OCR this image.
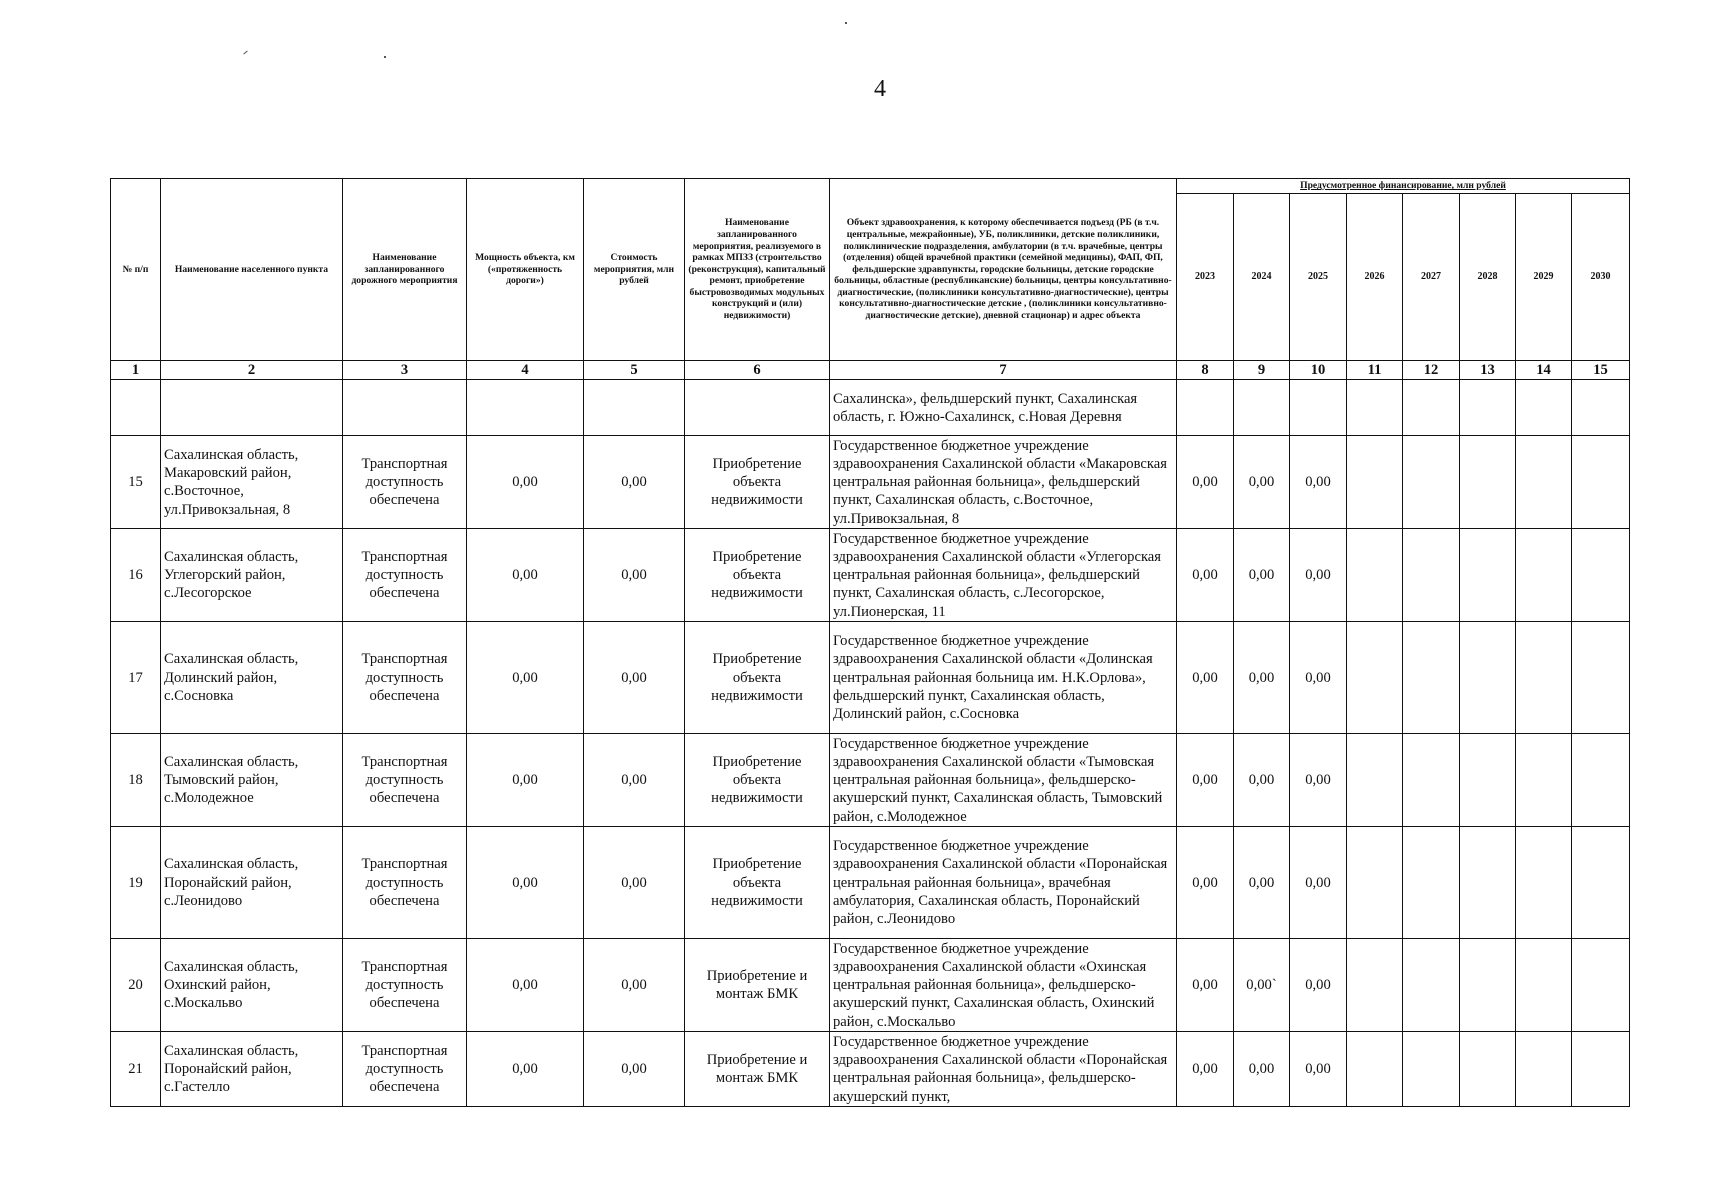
4
№ п/п	Наименование населенного пункта	Наименование запланированного дорожного мероприятия	Мощность объекта, км («протяженность дороги»)	Стоимость мероприятия, млн рублей	Наименование запланированного мероприятия, реализуемого в рамках МПЗЗ (строительство (реконструкция), капитальный ремонт, приобретение быстровозводимых модульных конструкций и (или) недвижимости)	Объект здравоохранения, к которому обеспечивается подъезд (РБ (в т.ч. центральные, межрайонные), УБ, поликлиники, детские поликлиники, поликлинические подразделения, амбулатории (в т.ч. врачебные, центры (отделения) общей врачебной практики (семейной медицины), ФАП, ФП, фельдшерские здравпункты, городские больницы, детские городские больницы, областные (республиканские) больницы, центры консультативно-диагностические, (поликлиники консультативно-диагностические), центры консультативно-диагностические детские , (поликлиники консультативно-диагностические детские), дневной стационар) и адрес объекта	Предусмотренное финансирование, млн рублей							
							2023	2024	2025	2026	2027	2028	2029	2030
1	2	3	4	5	6	7	8	9	10	11	12	13	14	15
						Сахалинска», фельдшерский пункт, Сахалинская область, г. Южно-Сахалинск, с.Новая Деревня								
15	Сахалинская область, Макаровский район, с.Восточное, ул.Привокзальная, 8	Транспортная доступность обеспечена	0,00	0,00	Приобретение объекта недвижимости	Государственное бюджетное учреждение здравоохранения Сахалинской области «Макаровская центральная районная больница», фельдшерский пункт, Сахалинская область, с.Восточное, ул.Привокзальная, 8	0,00	0,00	0,00					
16	Сахалинская область, Углегорский район, с.Лесогорское	Транспортная доступность обеспечена	0,00	0,00	Приобретение объекта недвижимости	Государственное бюджетное учреждение здравоохранения Сахалинской области «Углегорская центральная районная больница», фельдшерский пункт, Сахалинская область, с.Лесогорское, ул.Пионерская, 11	0,00	0,00	0,00					
17	Сахалинская область, Долинский район, с.Сосновка	Транспортная доступность обеспечена	0,00	0,00	Приобретение объекта недвижимости	Государственное бюджетное учреждение здравоохранения Сахалинской области «Долинская центральная районная больница им. Н.К.Орлова», фельдшерский пункт, Сахалинская область, Долинский район, с.Сосновка	0,00	0,00	0,00					
18	Сахалинская область, Тымовский район, с.Молодежное	Транспортная доступность обеспечена	0,00	0,00	Приобретение объекта недвижимости	Государственное бюджетное учреждение здравоохранения Сахалинской области «Тымовская центральная районная больница», фельдшерско-акушерский пункт, Сахалинская область, Тымовский район, с.Молодежное	0,00	0,00	0,00					
19	Сахалинская область, Поронайский район, с.Леонидово	Транспортная доступность обеспечена	0,00	0,00	Приобретение объекта недвижимости	Государственное бюджетное учреждение здравоохранения Сахалинской области «Поронайская центральная районная больница», врачебная амбулатория, Сахалинская область, Поронайский район, с.Леонидово	0,00	0,00	0,00					
20	Сахалинская область, Охинский район, с.Москальво	Транспортная доступность обеспечена	0,00	0,00	Приобретение и монтаж БМК	Государственное бюджетное учреждение здравоохранения Сахалинской области «Охинская центральная районная больница», фельдшерско-акушерский пункт, Сахалинская область, Охинский район, с.Москальво	0,00	0,00`	0,00					
21	Сахалинская область, Поронайский район, с.Гастелло	Транспортная доступность обеспечена	0,00	0,00	Приобретение и монтаж БМК	Государственное бюджетное учреждение здравоохранения Сахалинской области «Поронайская центральная районная больница», фельдшерско-акушерский пункт,	0,00	0,00	0,00					
